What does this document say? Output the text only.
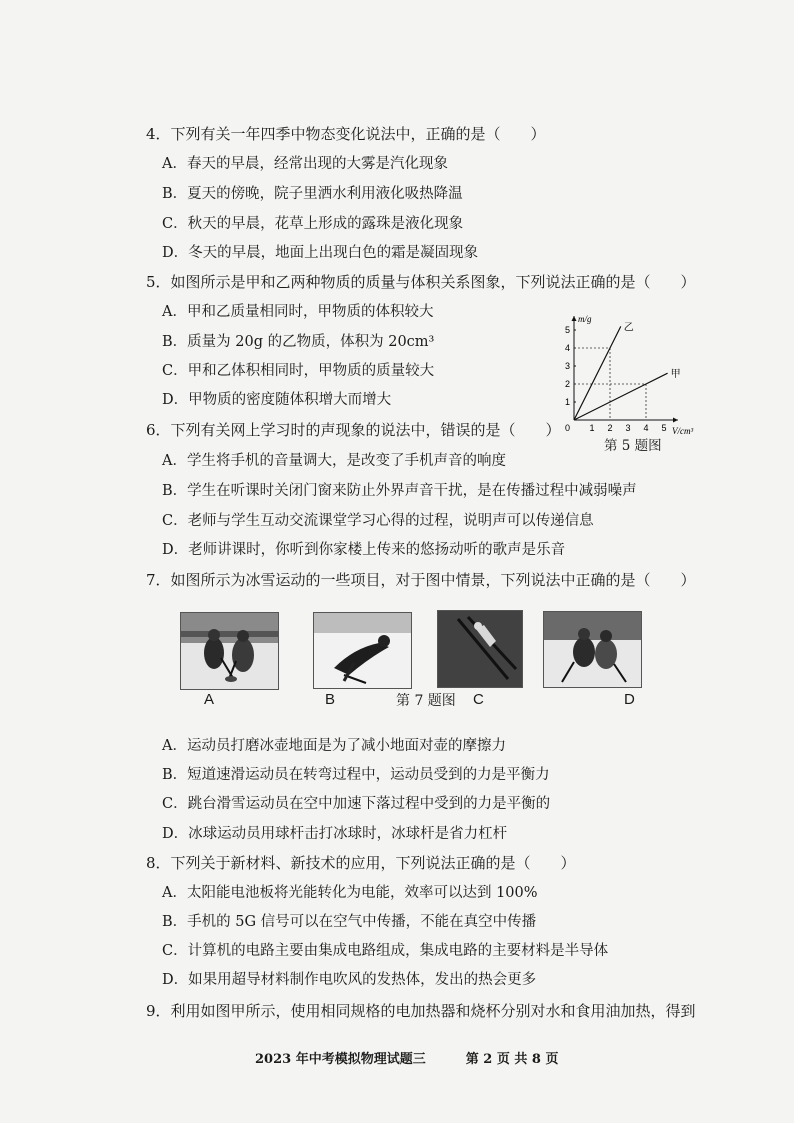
4．下列有关一年四季中物态变化说法中，正确的是（　　）
A．春天的早晨，经常出现的大雾是汽化现象
B．夏天的傍晚，院子里洒水利用液化吸热降温
C．秋天的早晨，花草上形成的露珠是液化现象
D．冬天的早晨，地面上出现白色的霜是凝固现象
5．如图所示是甲和乙两种物质的质量与体积关系图象，下列说法正确的是（　　）
A．甲和乙质量相同时，甲物质的体积较大
B．质量为 20g 的乙物质，体积为 20cm³
C．甲和乙体积相同时，甲物质的质量较大
D．甲物质的密度随体积增大而增大
m/g
V/cm³
0 1 2 3 4 5
1
2
3
4
5	乙
甲
第 5 题图
6．下列有关网上学习时的声现象的说法中，错误的是（　　）
A．学生将手机的音量调大，是改变了手机声音的响度
B．学生在听课时关闭门窗来防止外界声音干扰，是在传播过程中减弱噪声
C．老师与学生互动交流课堂学习心得的过程，说明声可以传递信息
D．老师讲课时，你听到你家楼上传来的悠扬动听的歌声是乐音
7．如图所示为冰雪运动的一些项目，对于图中情景，下列说法中正确的是（　　）
A	B	C	D
第 7 题图
A．运动员打磨冰壶地面是为了减小地面对壶的摩擦力
B．短道速滑运动员在转弯过程中，运动员受到的力是平衡力
C．跳台滑雪运动员在空中加速下落过程中受到的力是平衡的
D．冰球运动员用球杆击打冰球时，冰球杆是省力杠杆
8．下列关于新材料、新技术的应用，下列说法正确的是（　　）
A．太阳能电池板将光能转化为电能，效率可以达到 100%
B．手机的 5G 信号可以在空气中传播，不能在真空中传播
C．计算机的电路主要由集成电路组成，集成电路的主要材料是半导体
D．如果用超导材料制作电吹风的发热体，发出的热会更多
9．利用如图甲所示，使用相同规格的电加热器和烧杯分别对水和食用油加热，得到
2023 年中考模拟物理试题三	第 2 页 共 8 页
